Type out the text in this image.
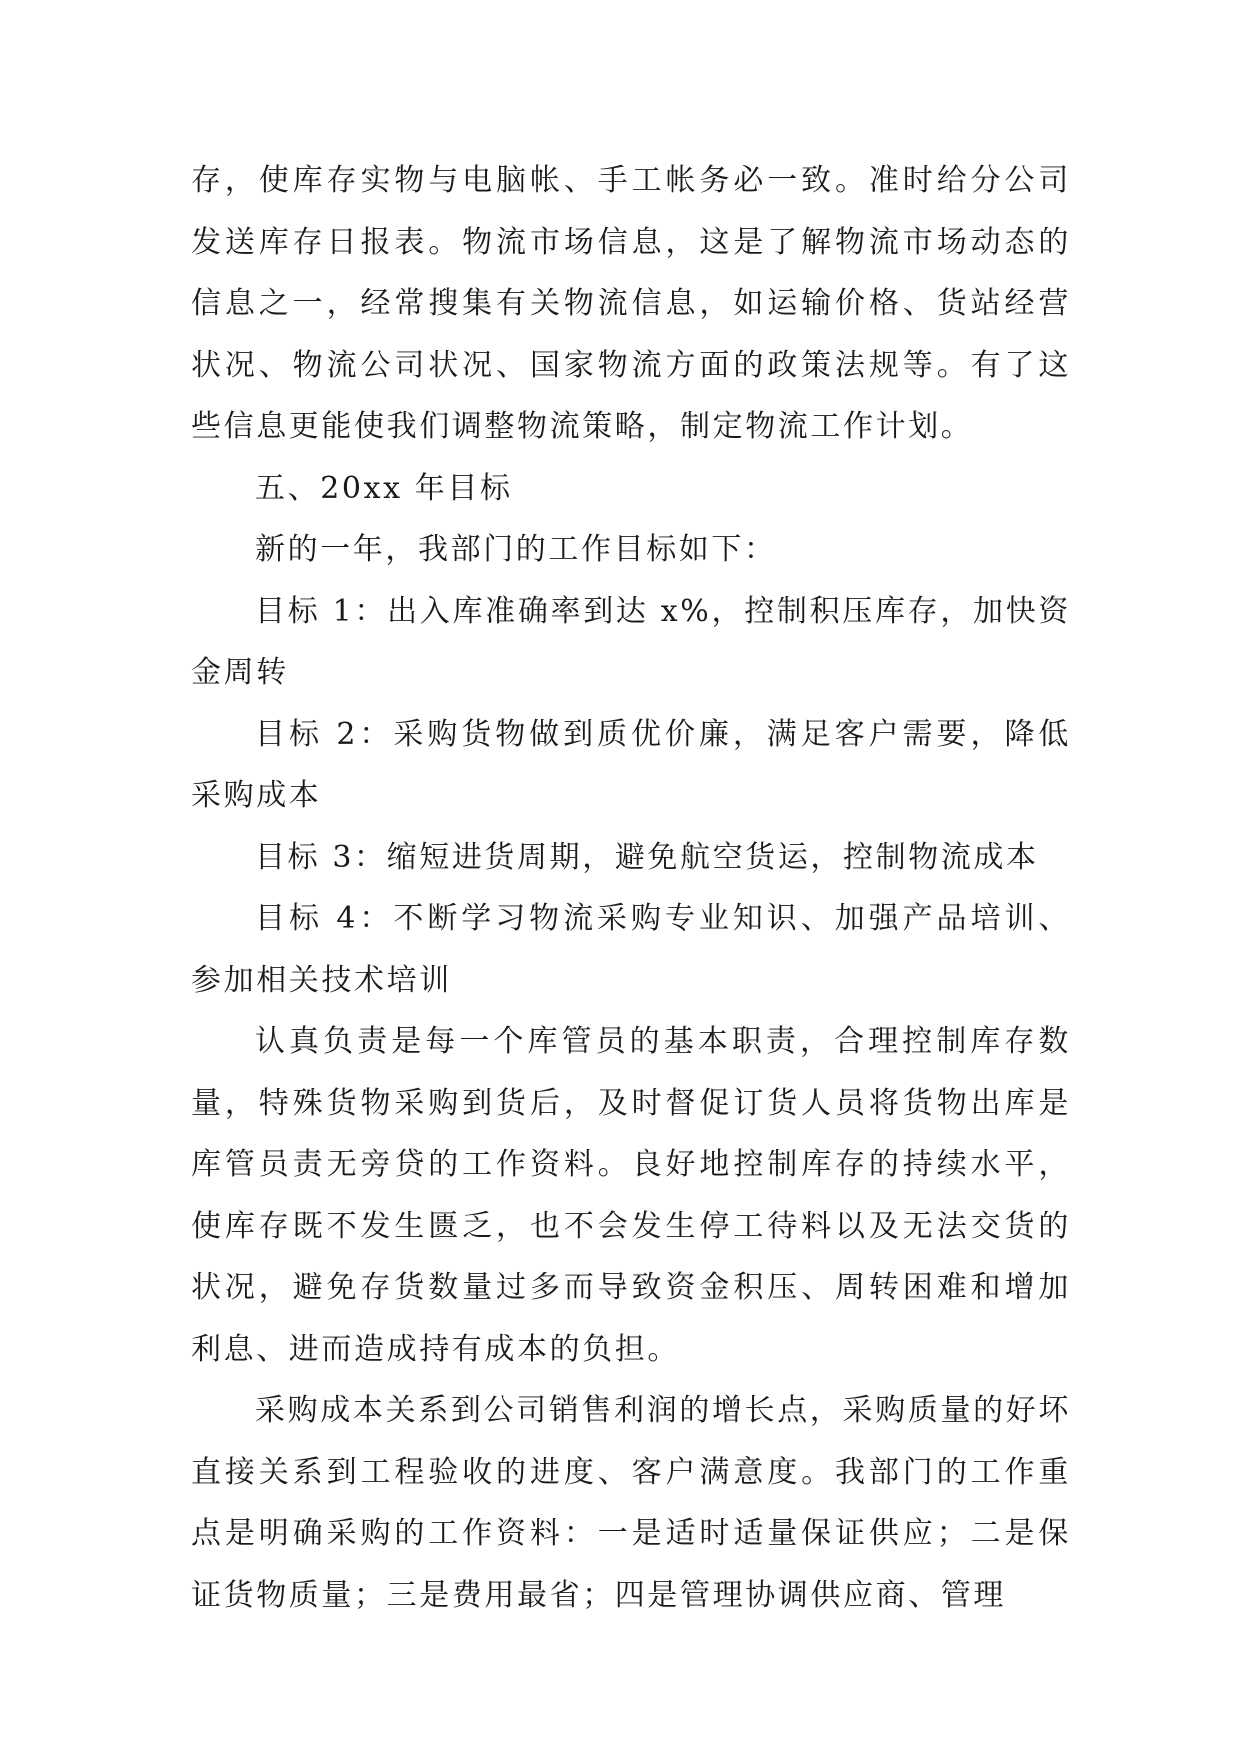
存，使库存实物与电脑帐、手工帐务必一致。准时给分公司发送库存日报表。物流市场信息，这是了解物流市场动态的信息之一，经常搜集有关物流信息，如运输价格、货站经营状况、物流公司状况、国家物流方面的政策法规等。有了这些信息更能使我们调整物流策略，制定物流工作计划。

五、20xx 年目标

新的一年，我部门的工作目标如下：

目标 1：出入库准确率到达 x%，控制积压库存，加快资金周转

目标 2：采购货物做到质优价廉，满足客户需要，降低采购成本

目标 3：缩短进货周期，避免航空货运，控制物流成本

目标 4：不断学习物流采购专业知识、加强产品培训、参加相关技术培训

认真负责是每一个库管员的基本职责，合理控制库存数量，特殊货物采购到货后，及时督促订货人员将货物出库是库管员责无旁贷的工作资料。良好地控制库存的持续水平，使库存既不发生匮乏，也不会发生停工待料以及无法交货的状况，避免存货数量过多而导致资金积压、周转困难和增加利息、进而造成持有成本的负担。

采购成本关系到公司销售利润的增长点，采购质量的好坏直接关系到工程验收的进度、客户满意度。我部门的工作重点是明确采购的工作资料：一是适时适量保证供应；二是保证货物质量；三是费用最省；四是管理协调供应商、管理
